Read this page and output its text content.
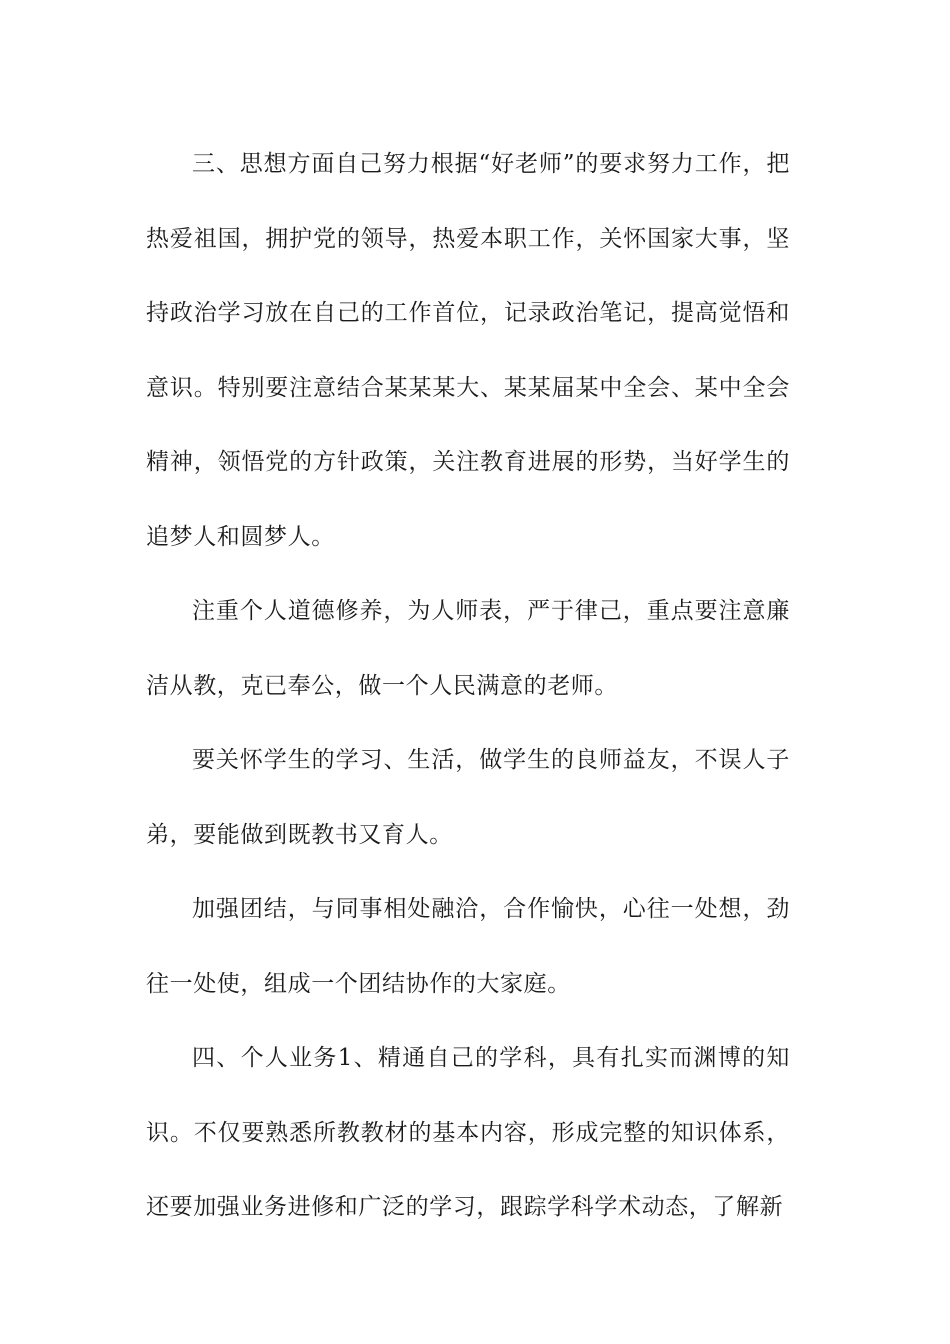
三、思想方面自己努力根据“好老师”的要求努力工作，把热爱祖国，拥护党的领导，热爱本职工作，关怀国家大事，坚持政治学习放在自己的工作首位，记录政治笔记，提高觉悟和意识。特别要注意结合某某某大、某某届某中全会、某中全会精神，领悟党的方针政策，关注教育进展的形势，当好学生的追梦人和圆梦人。

注重个人道德修养，为人师表，严于律己，重点要注意廉洁从教，克已奉公，做一个人民满意的老师。

要关怀学生的学习、生活，做学生的良师益友，不误人子弟，要能做到既教书又育人。

加强团结，与同事相处融洽，合作愉快，心往一处想，劲往一处使，组成一个团结协作的大家庭。

四、个人业务1、精通自己的学科，具有扎实而渊博的知识。不仅要熟悉所教教材的基本内容，形成完整的知识体系，还要加强业务进修和广泛的学习，跟踪学科学术动态，了解新
